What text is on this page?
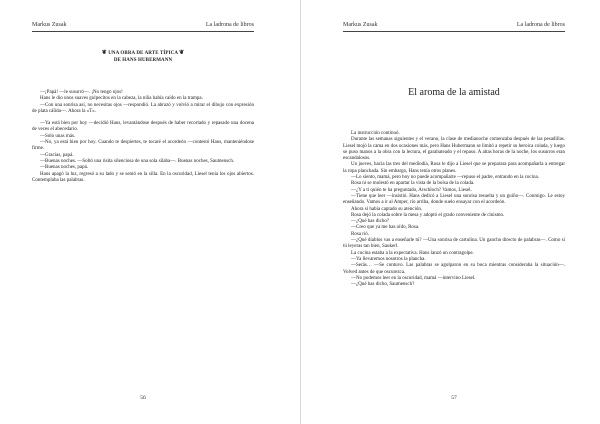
Markus Zusak	La ladrona de libros
❦ UNA OBRA DE ARTE TÍPICA ❦
DE HANS HUBERMANN

—¡Papá! —le susurró—. ¡No tengo ojos!

Hans le dio unos suaves golpecitos en la cabeza, la niña había caído en la trampa.

—Con una sonrisa así, no necesitas ojos —respondió. La abrazó y volvió a mirar el dibujo con expresión de plata cálida—. Ahora la «T».

—Ya está bien por hoy —decidió Hans, levantándose después de haber recortado y repasado una docena de veces el abecedario.

—Solo unas más.

—No, ya está bien por hoy. Cuando te despiertes, te tocaré el acordeón —contestó Hans, manteniéndose firme.

—Gracias, papá.

—Buenas noches. —Soltó una risita silenciosa de una sola sílaba—. Buenas noches, Saumensch.

—Buenas noches, papá.

Hans apagó la luz, regresó a su lado y se sentó en la silla. En la oscuridad, Liesel tenía los ojos abiertos. Contemplaba las palabras.

56
Markus Zusak	La ladrona de libros
El aroma de la amistad

La instrucción continuó.

Durante las semanas siguientes y el verano, la clase de medianoche comenzaba después de las pesadillas. Liesel mojó la cama en dos ocasiones más, pero Hans Hubermann se limitó a repetir su heroica colada, y luego se puso manos a la obra con la lectura, el garabateado y el repaso. A altas horas de la noche, los susurros eran escandalosos.

Un jueves, hacia las tres del mediodía, Rosa le dijo a Liesel que se preparara para acompañarla a entregar la ropa planchada. Sin embargo, Hans tenía otros planes.

—Lo siento, mamá, pero hoy no puede acompañarte —repuso el padre, entrando en la cocina.

Rosa ni se molestó en apartar la vista de la bolsa de la colada.

—¿Y a ti quién te ha preguntado, Arschloch? Vamos, Liesel.

—Tiene que leer —insistió. Hans dedicó a Liesel una sonrisa resuelta y un guiño—. Conmigo. Le estoy enseñando. Vamos a ir al Amper, río arriba, donde suelo ensayar con el acordeón.

Ahora sí había captado su atención.

Rosa dejó la colada sobre la mesa y adoptó el grado conveniente de cinismo.

—¿Qué has dicho?

—Creo que ya me has oído, Rosa.

Rosa rió.

—¿Qué diablos vas a enseñarle tú? —Una sonrisa de cartulina. Un gancho directo de palabras—. Como si tú leyeras tan bien, Saukerl.

La cocina estaba a la expectativa. Hans lanzó un contragolpe.

—Ya llevaremos nosotros la plancha.

—Serás… —Se contuvo. Las palabras se agolparon en su boca mientras consideraba la situación—. Volved antes de que oscurezca.

—No podemos leer en la oscuridad, mamá —intervino Liesel.

—¿Qué has dicho, Saumensch?

57
